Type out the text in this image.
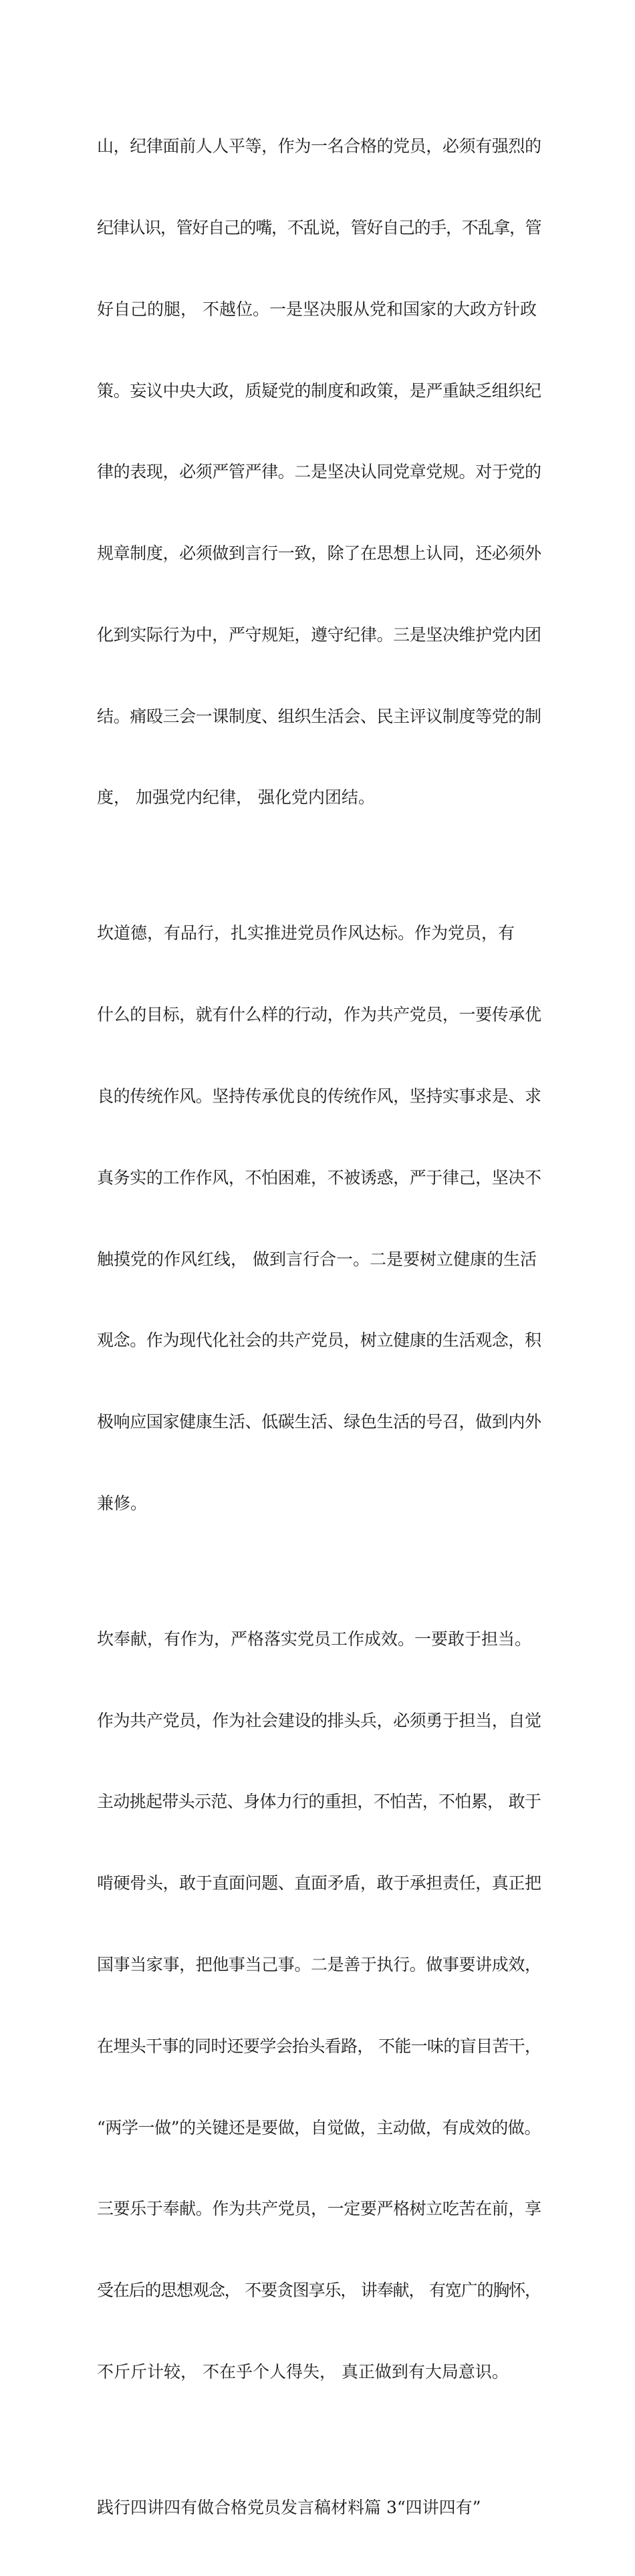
山，纪律面前人人平等，作为一名合格的党员，必须有强烈的

纪律认识，管好自己的嘴，不乱说，管好自己的手，不乱拿，管

好自己的腿， 不越位。一是坚决服从党和国家的大政方针政

策。妄议中央大政，质疑党的制度和政策，是严重缺乏组织纪

律的表现，必须严管严律。二是坚决认同党章党规。对于党的

规章制度，必须做到言行一致，除了在思想上认同，还必须外

化到实际行为中，严守规矩，遵守纪律。三是坚决维护党内团

结。痛殴三会一课制度、组织生活会、民主评议制度等党的制

度， 加强党内纪律， 强化党内团结。

坎道德，有品行，扎实推进党员作风达标。作为党员，有

什么的目标，就有什么样的行动，作为共产党员，一要传承优

良的传统作风。坚持传承优良的传统作风，坚持实事求是、求

真务实的工作作风，不怕困难，不被诱惑，严于律己，坚决不

触摸党的作风红线， 做到言行合一。二是要树立健康的生活

观念。作为现代化社会的共产党员，树立健康的生活观念，积

极响应国家健康生活、低碳生活、绿色生活的号召，做到内外

兼修。

坎奉献，有作为，严格落实党员工作成效。一要敢于担当。

作为共产党员，作为社会建设的排头兵，必须勇于担当，自觉

主动挑起带头示范、身体力行的重担，不怕苦，不怕累， 敢于

啃硬骨头，敢于直面问题、直面矛盾，敢于承担责任，真正把

国事当家事，把他事当己事。二是善于执行。做事要讲成效，

在埋头干事的同时还要学会抬头看路， 不能一味的盲目苦干，

“两学一做”的关键还是要做，自觉做，主动做，有成效的做。

三要乐于奉献。作为共产党员，一定要严格树立吃苦在前，享

受在后的思想观念， 不要贪图享乐， 讲奉献， 有宽广的胸怀，

不斤斤计较， 不在乎个人得失， 真正做到有大局意识。

践行四讲四有做合格党员发言稿材料篇 3“四讲四有”
